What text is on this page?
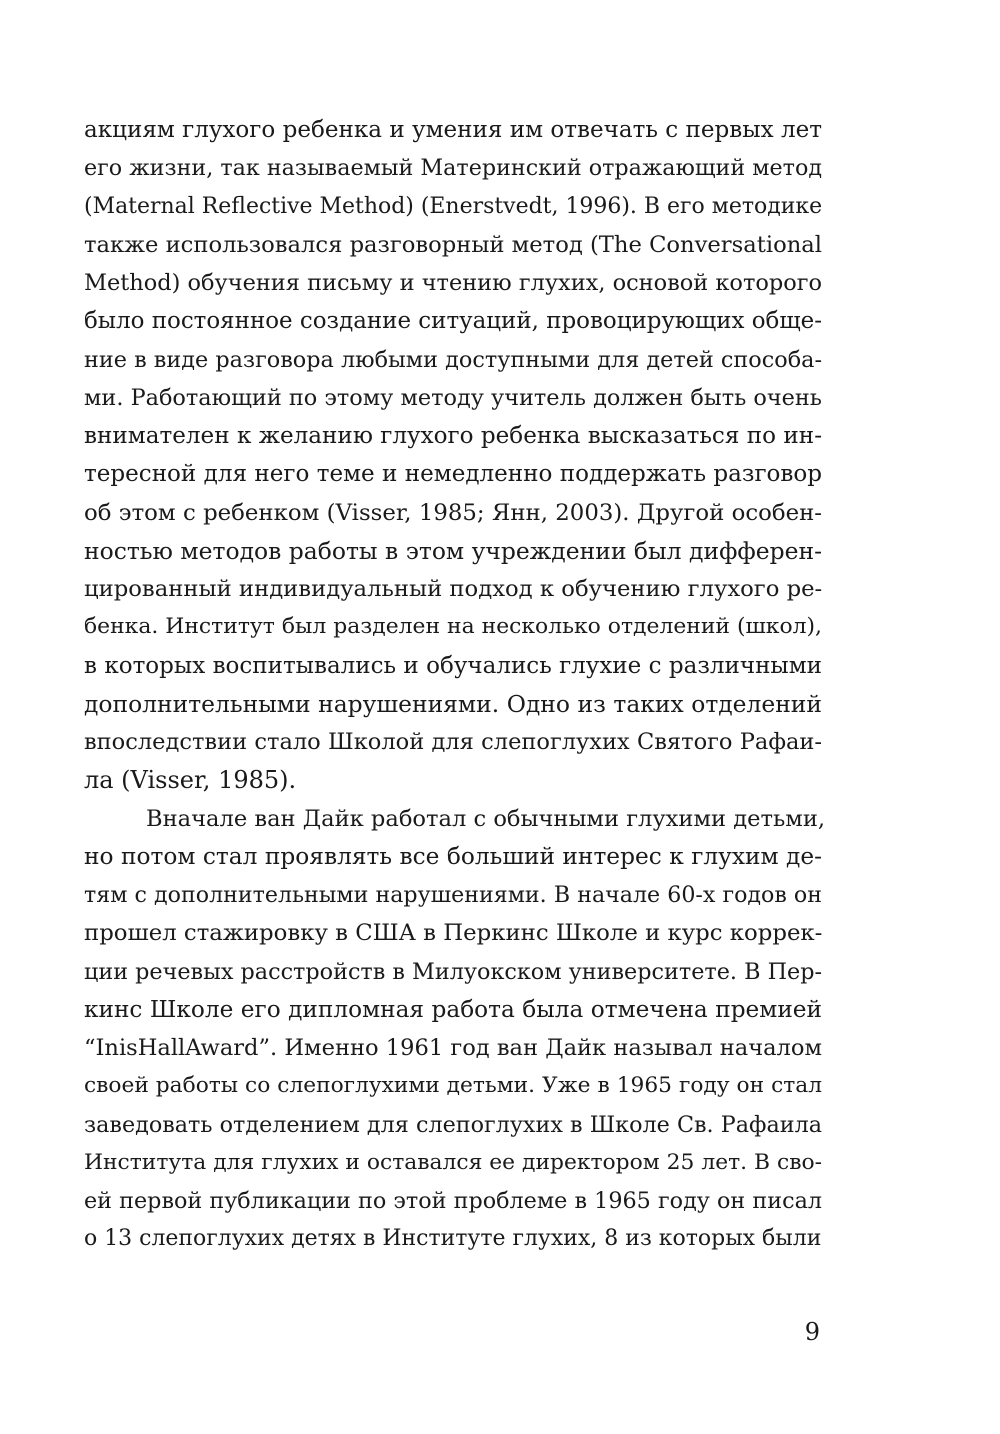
акциям глухого ребенка и умения им отвечать с первых лет
его жизни, так называемый Материнский отражающий метод
(Maternal Reflective Method) (Enerstvedt, 1996). В его методике
также использовался разговорный метод (The Conversational
Method) обучения письму и чтению глухих, основой которого
было постоянное создание ситуаций, провоцирующих обще-
ние в виде разговора любыми доступными для детей способа-
ми. Работающий по этому методу учитель должен быть очень
внимателен к желанию глухого ребенка высказаться по ин-
тересной для него теме и немедленно поддержать разговор
об этом с ребенком (Visser, 1985; Янн, 2003). Другой особен-
ностью методов работы в этом учреждении был дифферен-
цированный индивидуальный подход к обучению глухого ре-
бенка. Институт был разделен на несколько отделений (школ),
в которых воспитывались и обучались глухие с различными
дополнительными нарушениями. Одно из таких отделений
впоследствии стало Школой для слепоглухих Святого Рафаи-
ла (Visser, 1985).
Вначале ван Дайк работал с обычными глухими детьми,
но потом стал проявлять все больший интерес к глухим де-
тям с дополнительными нарушениями. В начале 60-х годов он
прошел стажировку в США в Перкинс Школе и курс коррек-
ции речевых расстройств в Милуокском университете. В Пер-
кинс Школе его дипломная работа была отмечена премией
“InisHallAward”. Именно 1961 год ван Дайк называл началом
своей работы со слепоглухими детьми. Уже в 1965 году он стал
заведовать отделением для слепоглухих в Школе Св. Рафаила
Института для глухих и оставался ее директором 25 лет. В сво-
ей первой публикации по этой проблеме в 1965 году он писал
о 13 слепоглухих детях в Институте глухих, 8 из которых были
9
